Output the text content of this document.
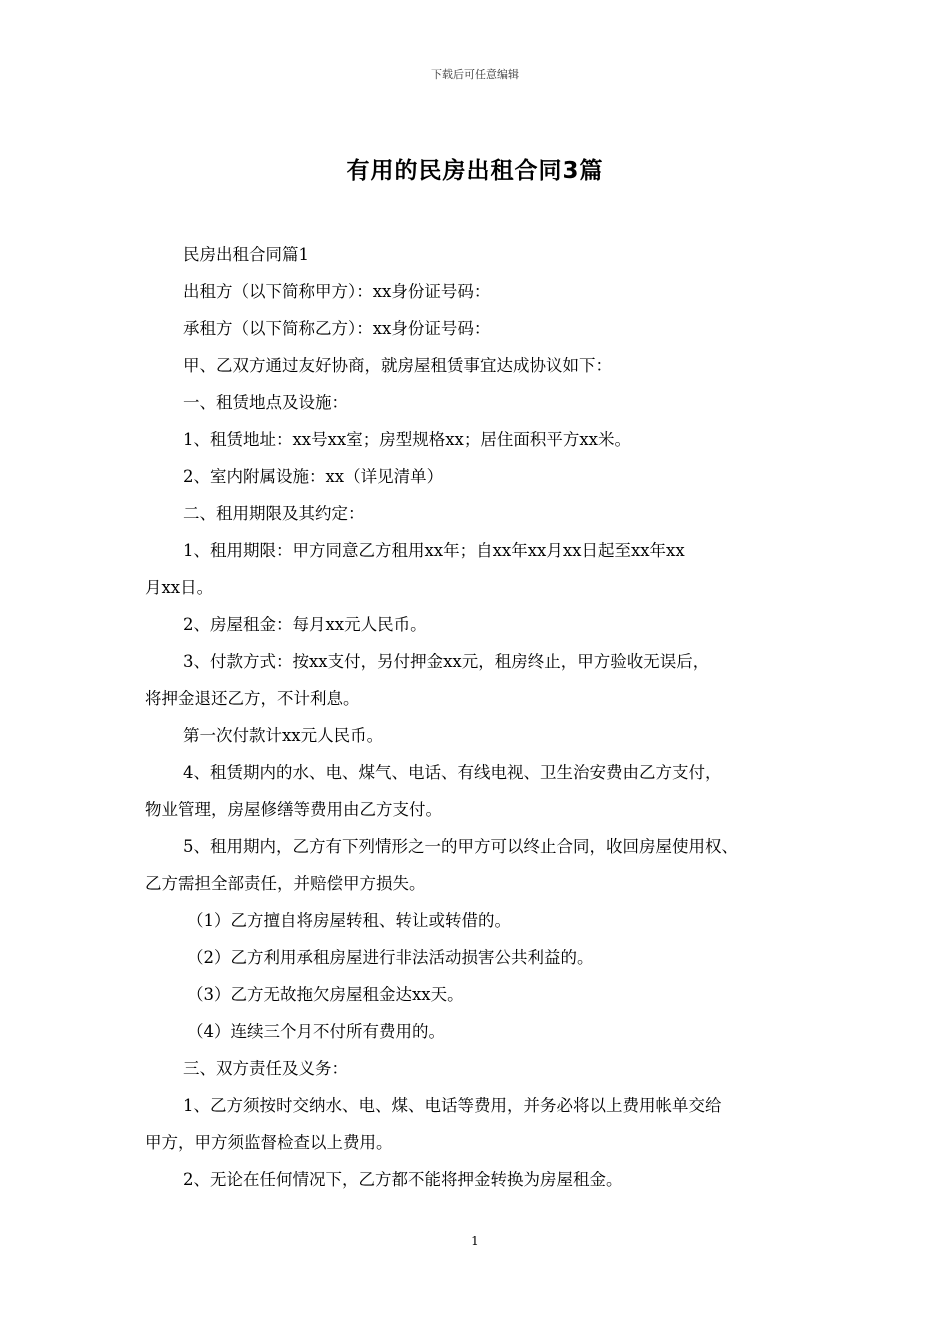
下载后可任意编辑
有用的民房出租合同3篇

民房出租合同篇1

出租方（以下简称甲方）：xx身份证号码：

承租方（以下简称乙方）：xx身份证号码：

甲、乙双方通过友好协商，就房屋租赁事宜达成协议如下：

一、租赁地点及设施：

1、租赁地址：xx号xx室；房型规格xx；居住面积平方xx米。

2、室内附属设施：xx（详见清单）

二、租用期限及其约定：

1、租用期限：甲方同意乙方租用xx年；自xx年xx月xx日起至xx年xx

月xx日。

2、房屋租金：每月xx元人民币。

3、付款方式：按xx支付，另付押金xx元，租房终止，甲方验收无误后，

将押金退还乙方，不计利息。

第一次付款计xx元人民币。

4、租赁期内的水、电、煤气、电话、有线电视、卫生治安费由乙方支付，

物业管理，房屋修缮等费用由乙方支付。

5、租用期内，乙方有下列情形之一的甲方可以终止合同，收回房屋使用权、

乙方需担全部责任，并赔偿甲方损失。

（1）乙方擅自将房屋转租、转让或转借的。

（2）乙方利用承租房屋进行非法活动损害公共利益的。

（3）乙方无故拖欠房屋租金达xx天。

（4）连续三个月不付所有费用的。

三、双方责任及义务：

1、乙方须按时交纳水、电、煤、电话等费用，并务必将以上费用帐单交给

甲方，甲方须监督检查以上费用。

2、无论在任何情况下，乙方都不能将押金转换为房屋租金。

1
